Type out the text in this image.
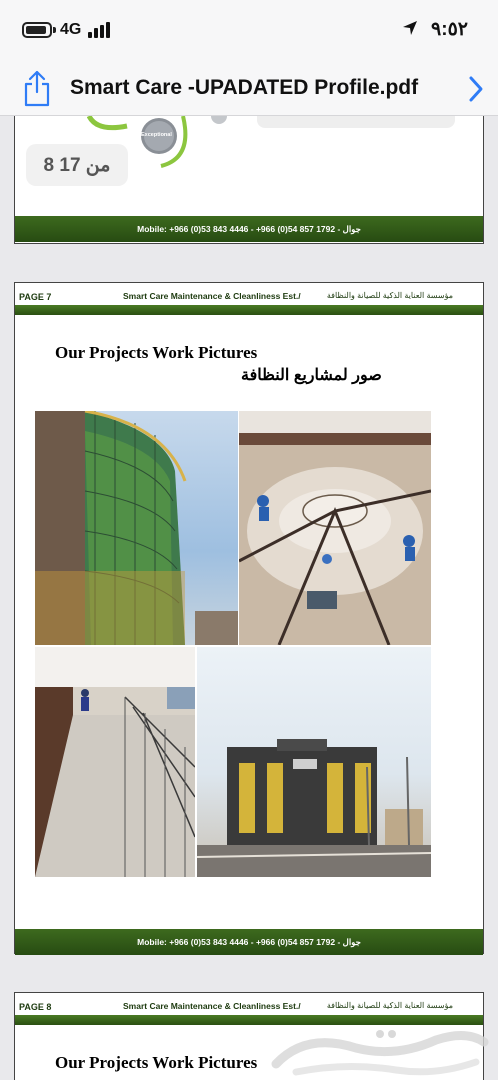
4G	٩:٥٢
Smart Care -UPADATED Profile.pdf
Exceptional
Mobile: +966 (0)53 843 4446 - +966 (0)54 857 1792 - جوال
8 من 17
PAGE 7	Smart Care Maintenance & Cleanliness Est./	مؤسسة العناية الذكية للصيانة والنظافة
Our Projects Work Pictures
صور لمشاريع النظافة
Mobile: +966 (0)53 843 4446 - +966 (0)54 857 1792 - جوال
PAGE 8	Smart Care Maintenance & Cleanliness Est./	مؤسسة العناية الذكية للصيانة والنظافة
Our Projects Work Pictures
